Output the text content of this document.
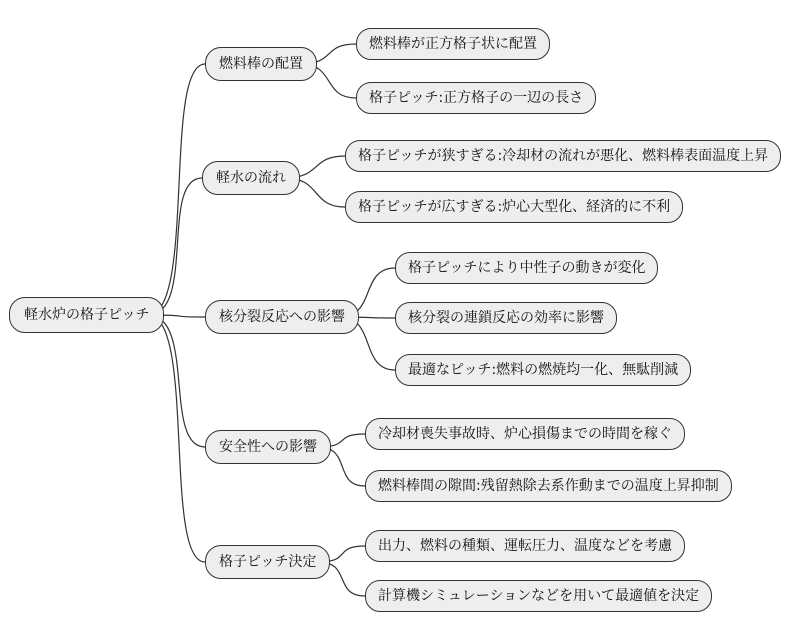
軽水炉の格子ピッチ
燃料棒の配置
燃料棒が正方格子状に配置
格子ピッチ:正方格子の一辺の長さ
軽水の流れ
格子ピッチが狭すぎる:冷却材の流れが悪化、燃料棒表面温度上昇
格子ピッチが広すぎる:炉心大型化、経済的に不利
核分裂反応への影響
格子ピッチにより中性子の動きが変化
核分裂の連鎖反応の効率に影響
最適なピッチ:燃料の燃焼均一化、無駄削減
安全性への影響
冷却材喪失事故時、炉心損傷までの時間を稼ぐ
燃料棒間の隙間:残留熱除去系作動までの温度上昇抑制
格子ピッチ決定
出力、燃料の種類、運転圧力、温度などを考慮
計算機シミュレーションなどを用いて最適値を決定
